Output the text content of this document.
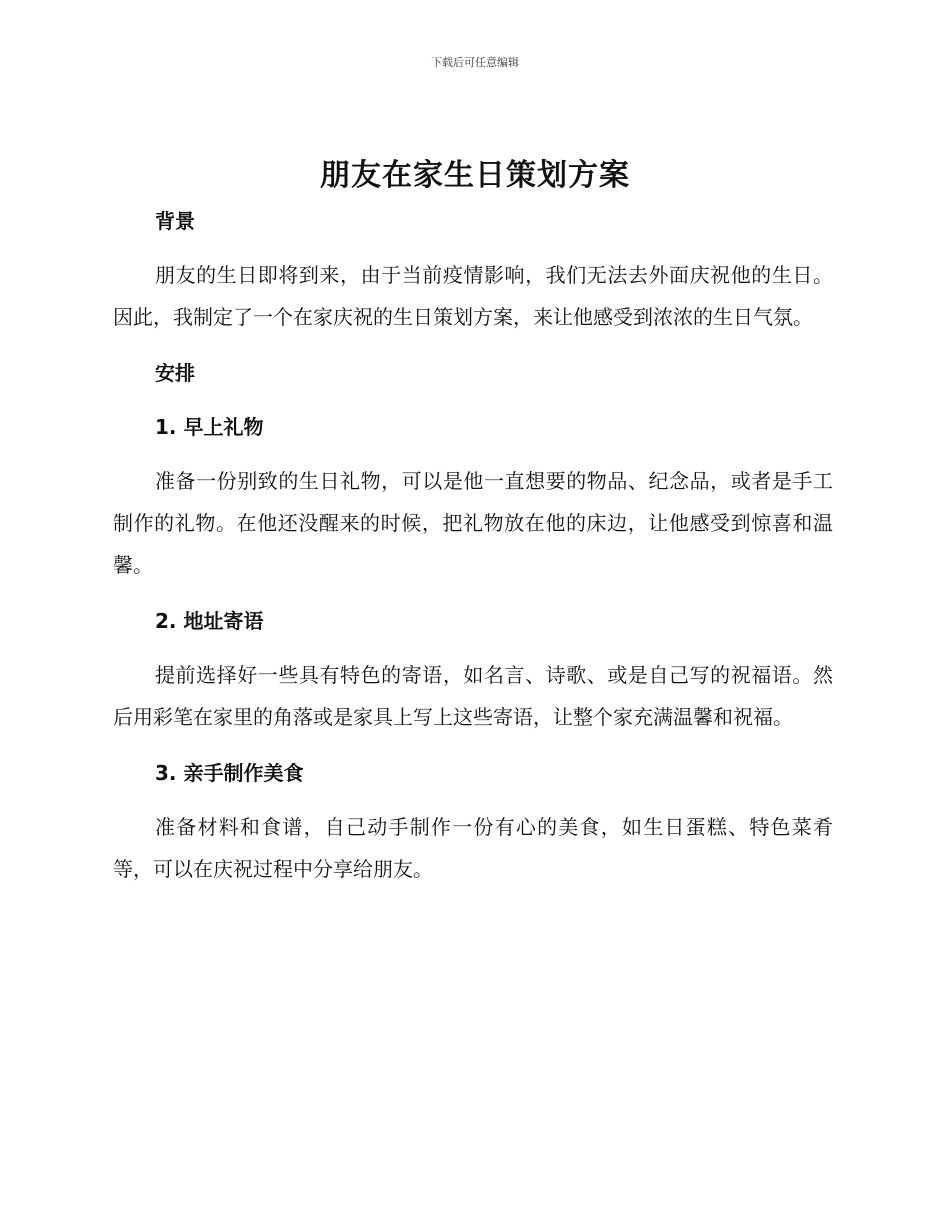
下载后可任意编辑
朋友在家生日策划方案
背景

朋友的生日即将到来，由于当前疫情影响，我们无法去外面庆祝他的生日。因此，我制定了一个在家庆祝的生日策划方案，来让他感受到浓浓的生日气氛。

安排
1. 早上礼物

准备一份别致的生日礼物，可以是他一直想要的物品、纪念品，或者是手工制作的礼物。在他还没醒来的时候，把礼物放在他的床边，让他感受到惊喜和温馨。

2. 地址寄语

提前选择好一些具有特色的寄语，如名言、诗歌、或是自己写的祝福语。然后用彩笔在家里的角落或是家具上写上这些寄语，让整个家充满温馨和祝福。

3. 亲手制作美食

准备材料和食谱，自己动手制作一份有心的美食，如生日蛋糕、特色菜肴等，可以在庆祝过程中分享给朋友。
